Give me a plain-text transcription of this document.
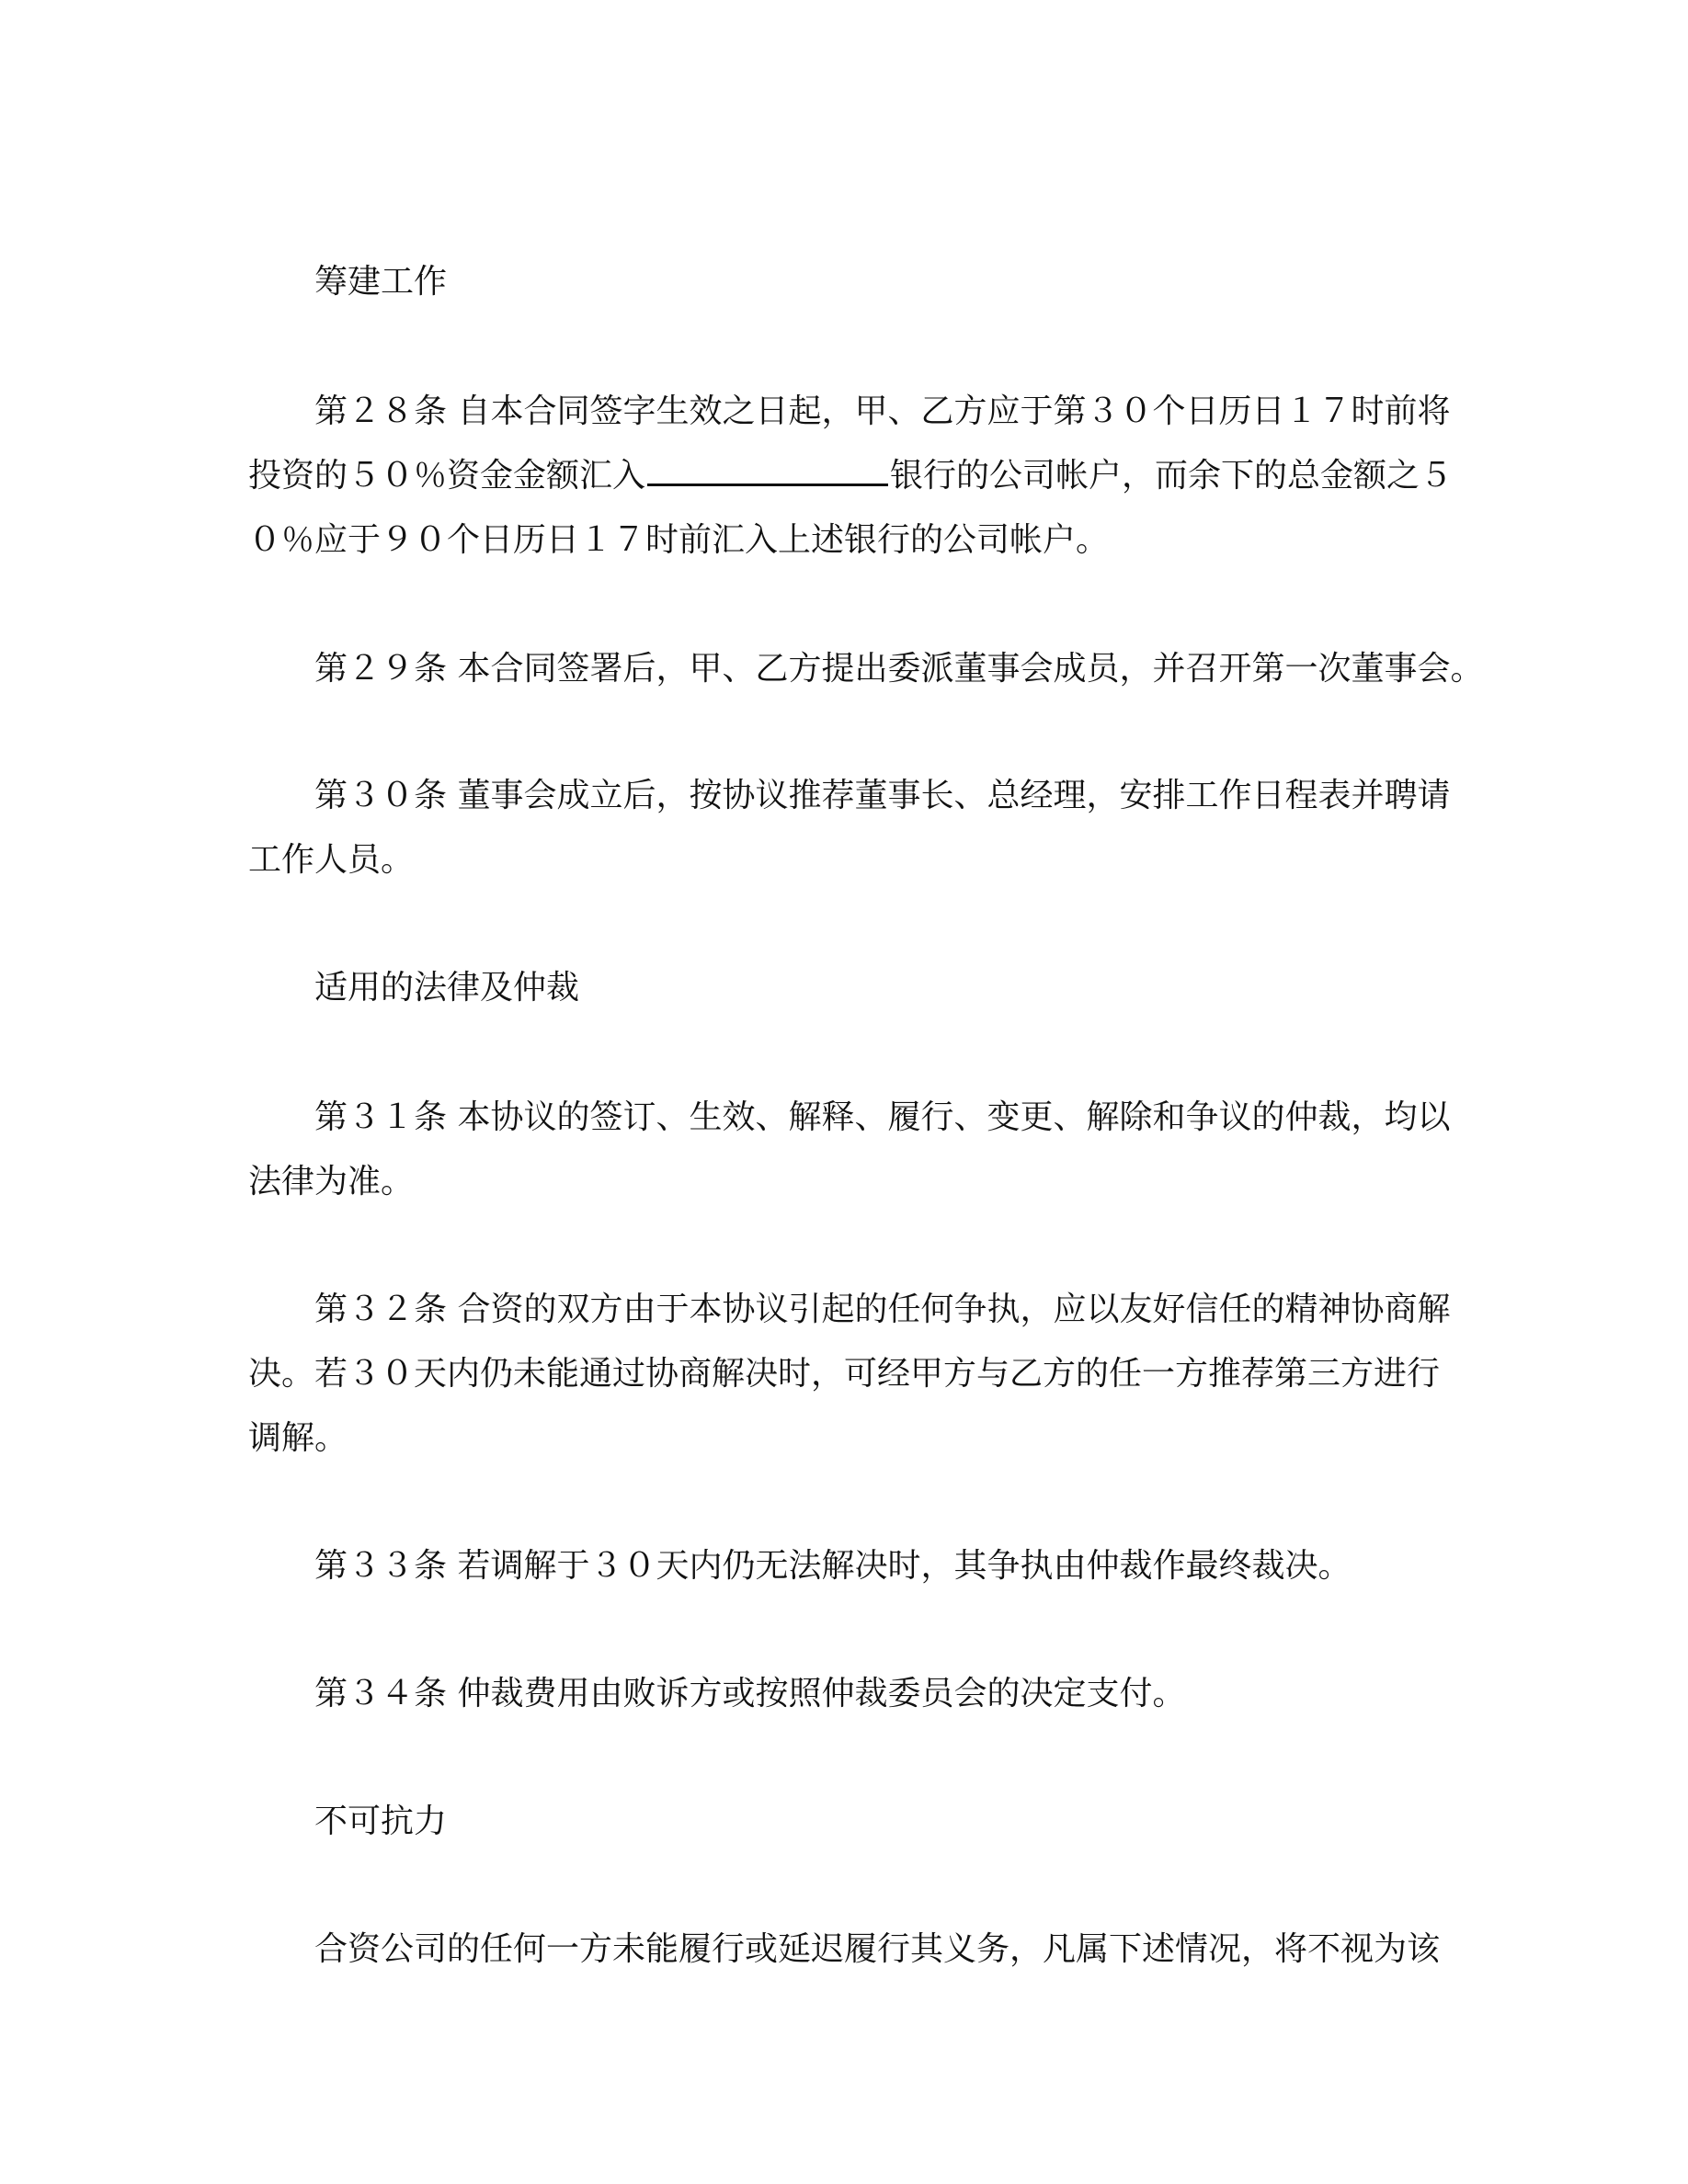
筹建工作
第２８条 自本合同签字生效之日起，甲、乙方应于第３０个日历日１７时前将
投资的５０％资金金额汇入	银行的公司帐户，而余下的总金额之５
０％应于９０个日历日１７时前汇入上述银行的公司帐户。
第２９条 本合同签署后，甲、乙方提出委派董事会成员，并召开第一次董事会。
第３０条 董事会成立后，按协议推荐董事长、总经理，安排工作日程表并聘请
工作人员。
适用的法律及仲裁
第３１条 本协议的签订、生效、解释、履行、变更、解除和争议的仲裁，均以
法律为准。
第３２条 合资的双方由于本协议引起的任何争执，应以友好信任的精神协商解
决。若３０天内仍未能通过协商解决时，可经甲方与乙方的任一方推荐第三方进行
调解。
第３３条 若调解于３０天内仍无法解决时，其争执由仲裁作最终裁决。
第３４条 仲裁费用由败诉方或按照仲裁委员会的决定支付。
不可抗力
合资公司的任何一方未能履行或延迟履行其义务，凡属下述情况，将不视为该
